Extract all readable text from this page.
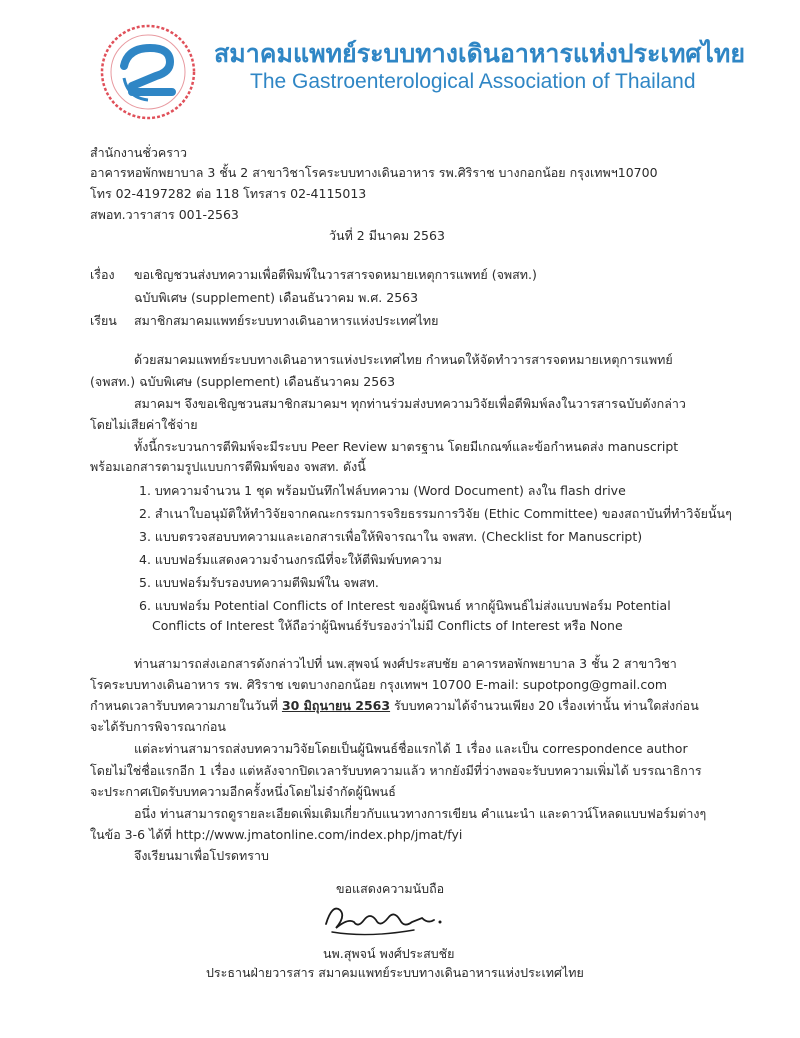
สมาคมแพทย์ระบบทางเดินอาหารแห่งประเทศไทย
The Gastroenterological Association of Thailand
สำนักงานชั่วคราว
อาคารหอพักพยาบาล 3 ชั้น 2 สาขาวิชาโรคระบบทางเดินอาหาร รพ.ศิริราช บางกอกน้อย กรุงเทพฯ10700
โทร 02-4197282 ต่อ 118 โทรสาร 02-4115013
สพอท.วาราสาร 001-2563
วันที่ 2 มีนาคม 2563
เรื่อง ขอเชิญชวนส่งบทความเพื่อตีพิมพ์ในวารสารจดหมายเหตุการแพทย์ (จพสท.)
ฉบับพิเศษ (supplement) เดือนธันวาคม พ.ศ. 2563
เรียน สมาชิกสมาคมแพทย์ระบบทางเดินอาหารแห่งประเทศไทย
ด้วยสมาคมแพทย์ระบบทางเดินอาหารแห่งประเทศไทย กำหนดให้จัดทำวารสารจดหมายเหตุการแพทย์
(จพสท.) ฉบับพิเศษ (supplement) เดือนธันวาคม 2563
สมาคมฯ จึงขอเชิญชวนสมาชิกสมาคมฯ ทุกท่านร่วมส่งบทความวิจัยเพื่อตีพิมพ์ลงในวารสารฉบับดังกล่าว
โดยไม่เสียค่าใช้จ่าย
ทั้งนี้กระบวนการตีพิมพ์จะมีระบบ Peer Review มาตรฐาน โดยมีเกณฑ์และข้อกำหนดส่ง manuscript
พร้อมเอกสารตามรูปแบบการตีพิมพ์ของ จพสท. ดังนี้
1. บทความจำนวน 1 ชุด พร้อมบันทึกไฟล์บทความ (Word Document) ลงใน flash drive
2. สำเนาใบอนุมัติให้ทำวิจัยจากคณะกรรมการจริยธรรมการวิจัย (Ethic Committee) ของสถาบันที่ทำวิจัยนั้นๆ
3. แบบตรวจสอบบทความและเอกสารเพื่อให้พิจารณาใน จพสท. (Checklist for Manuscript)
4. แบบฟอร์มแสดงความจำนงกรณีที่จะให้ตีพิมพ์บทความ
5. แบบฟอร์มรับรองบทความตีพิมพ์ใน จพสท.
6. แบบฟอร์ม Potential Conflicts of Interest ของผู้นิพนธ์ หากผู้นิพนธ์ไม่ส่งแบบฟอร์ม Potential
Conflicts of Interest ให้ถือว่าผู้นิพนธ์รับรองว่าไม่มี Conflicts of Interest หรือ None
ท่านสามารถส่งเอกสารดังกล่าวไปที่ นพ.สุพจน์ พงศ์ประสบชัย อาคารหอพักพยาบาล 3 ชั้น 2 สาขาวิชา
โรคระบบทางเดินอาหาร รพ. ศิริราช เขตบางกอกน้อย กรุงเทพฯ 10700 E-mail: supotpong@gmail.com
กำหนดเวลารับบทความภายในวันที่ 30 มิถุนายน 2563 รับบทความได้จำนวนเพียง 20 เรื่องเท่านั้น ท่านใดส่งก่อน
จะได้รับการพิจารณาก่อน
แต่ละท่านสามารถส่งบทความวิจัยโดยเป็นผู้นิพนธ์ชื่อแรกได้ 1 เรื่อง และเป็น correspondence author
โดยไม่ใช่ชื่อแรกอีก 1 เรื่อง แต่หลังจากปิดเวลารับบทความแล้ว หากยังมีที่ว่างพอจะรับบทความเพิ่มได้ บรรณาธิการ
จะประกาศเปิดรับบทความอีกครั้งหนึ่งโดยไม่จำกัดผู้นิพนธ์
อนึ่ง ท่านสามารถดูรายละเอียดเพิ่มเติมเกี่ยวกับแนวทางการเขียน คำแนะนำ และดาวน์โหลดแบบฟอร์มต่างๆ
ในข้อ 3-6 ได้ที่ http://www.jmatonline.com/index.php/jmat/fyi
จึงเรียนมาเพื่อโปรดทราบ
ขอแสดงความนับถือ
นพ.สุพจน์ พงศ์ประสบชัย
ประธานฝ่ายวารสาร สมาคมแพทย์ระบบทางเดินอาหารแห่งประเทศไทย
